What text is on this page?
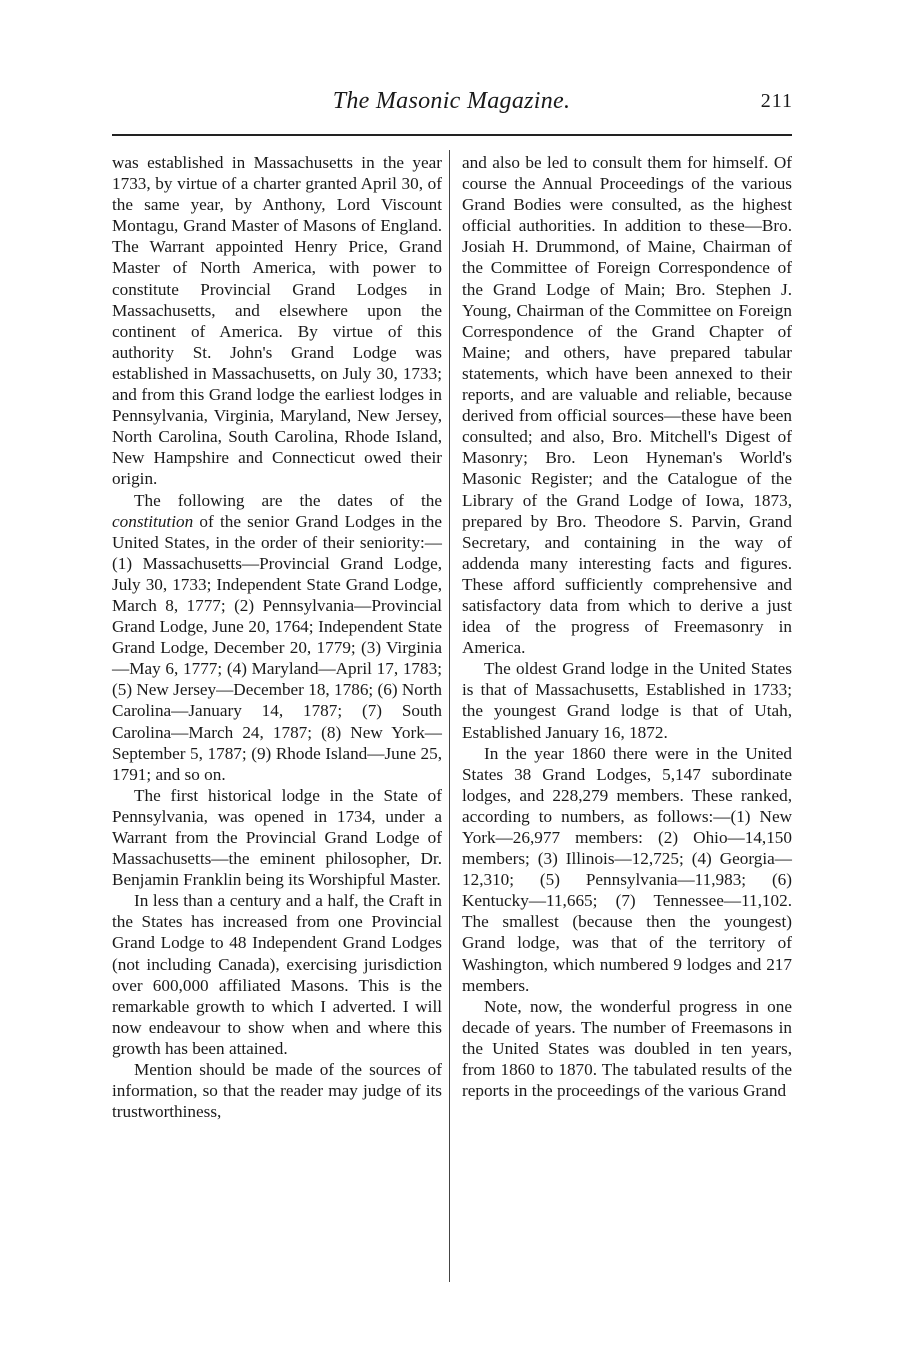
The Masonic Magazine.	211

was established in Massachusetts in the year 1733, by virtue of a charter granted April 30, of the same year, by Anthony, Lord Viscount Montagu, Grand Master of Masons of England. The Warrant appointed Henry Price, Grand Master of North America, with power to constitute Provincial Grand Lodges in Massachusetts, and elsewhere upon the continent of America. By virtue of this authority St. John's Grand Lodge was established in Massachusetts, on July 30, 1733; and from this Grand lodge the earliest lodges in Pennsylvania, Virginia, Maryland, New Jersey, North Carolina, South Carolina, Rhode Island, New Hampshire and Connecticut owed their origin.

The following are the dates of the constitution of the senior Grand Lodges in the United States, in the order of their seniority:—(1) Massachusetts—Provincial Grand Lodge, July 30, 1733; Independent State Grand Lodge, March 8, 1777; (2) Pennsylvania—Provincial Grand Lodge, June 20, 1764; Independent State Grand Lodge, December 20, 1779; (3) Virginia—May 6, 1777; (4) Maryland—April 17, 1783; (5) New Jersey—December 18, 1786; (6) North Carolina—January 14, 1787; (7) South Carolina—March 24, 1787; (8) New York—September 5, 1787; (9) Rhode Island—June 25, 1791; and so on.

The first historical lodge in the State of Pennsylvania, was opened in 1734, under a Warrant from the Provincial Grand Lodge of Massachusetts—the eminent philosopher, Dr. Benjamin Franklin being its Worshipful Master.

In less than a century and a half, the Craft in the States has increased from one Provincial Grand Lodge to 48 Independent Grand Lodges (not including Canada), exercising jurisdiction over 600,000 affiliated Masons. This is the remarkable growth to which I adverted. I will now endeavour to show when and where this growth has been attained.

Mention should be made of the sources of information, so that the reader may judge of its trustworthiness,

and also be led to consult them for himself. Of course the Annual Proceedings of the various Grand Bodies were consulted, as the highest official authorities. In addition to these—Bro. Josiah H. Drummond, of Maine, Chairman of the Committee of Foreign Correspondence of the Grand Lodge of Main; Bro. Stephen J. Young, Chairman of the Committee on Foreign Correspondence of the Grand Chapter of Maine; and others, have prepared tabular statements, which have been annexed to their reports, and are valuable and reliable, because derived from official sources—these have been consulted; and also, Bro. Mitchell's Digest of Masonry; Bro. Leon Hyneman's World's Masonic Register; and the Catalogue of the Library of the Grand Lodge of Iowa, 1873, prepared by Bro. Theodore S. Parvin, Grand Secretary, and containing in the way of addenda many interesting facts and figures. These afford sufficiently comprehensive and satisfactory data from which to derive a just idea of the progress of Freemasonry in America.

The oldest Grand lodge in the United States is that of Massachusetts, Established in 1733; the youngest Grand lodge is that of Utah, Established January 16, 1872.

In the year 1860 there were in the United States 38 Grand Lodges, 5,147 subordinate lodges, and 228,279 members. These ranked, according to numbers, as follows:—(1) New York—26,977 members: (2) Ohio—14,150 members; (3) Illinois—12,725; (4) Georgia—12,310; (5) Pennsylvania—11,983; (6) Kentucky—11,665; (7) Tennessee—11,102. The smallest (because then the youngest) Grand lodge, was that of the territory of Washington, which numbered 9 lodges and 217 members.

Note, now, the wonderful progress in one decade of years. The number of Freemasons in the United States was doubled in ten years, from 1860 to 1870. The tabulated results of the reports in the proceedings of the various Grand
